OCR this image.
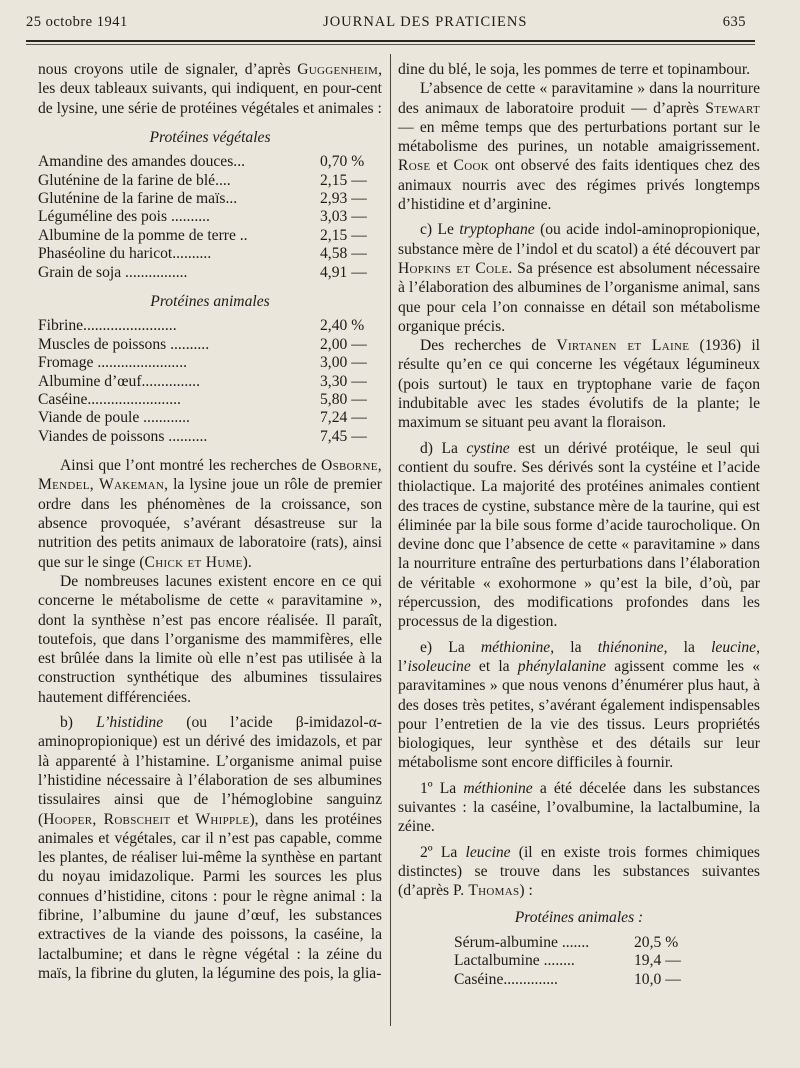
25 octobre 1941	JOURNAL DES PRATICIENS	635

nous croyons utile de signaler, d’après Guggenheim, les deux tableaux suivants, qui indiquent, en pour-cent de lysine, une série de protéines végétales et animales :

Protéines végétales
Amandine des amandes douces...	0,70 %
Gluténine de la farine de blé....	2,15 —
Gluténine de la farine de maïs...	2,93 —
Léguméline des pois ..........	3,03 —
Albumine de la pomme de terre ..	2,15 —
Phaséoline du haricot..........	4,58 —
Grain de soja ................	4,91 —
Protéines animales
Fibrine........................	2,40 %
Muscles de poissons ..........	2,00 —
Fromage .......................	3,00 —
Albumine d’œuf...............	3,30 —
Caséine........................	5,80 —
Viande de poule ............	7,24 —
Viandes de poissons ..........	7,45 —

Ainsi que l’ont montré les recherches de Osborne, Mendel, Wakeman, la lysine joue un rôle de premier ordre dans les phénomènes de la croissance, son absence provoquée, s’avérant désastreuse sur la nutrition des petits animaux de laboratoire (rats), ainsi que sur le singe (Chick et Hume).

De nombreuses lacunes existent encore en ce qui concerne le métabolisme de cette « paravitamine », dont la synthèse n’est pas encore réalisée. Il paraît, toutefois, que dans l’organisme des mammifères, elle est brûlée dans la limite où elle n’est pas utilisée à la construction synthétique des albumines tissulaires hautement différenciées.

b) L’histidine (ou l’acide β-imidazol-α-aminopropionique) est un dérivé des imidazols, et par là apparenté à l’histamine. L’organisme animal puise l’histidine nécessaire à l’élaboration de ses albumines tissulaires ainsi que de l’hémoglobine sanguinz (Hooper, Robscheit et Whipple), dans les protéines animales et végétales, car il n’est pas capable, comme les plantes, de réaliser lui-même la synthèse en partant du noyau imidazolique. Parmi les sources les plus connues d’histidine, citons : pour le règne animal : la fibrine, l’albumine du jaune d’œuf, les substances extractives de la viande des poissons, la caséine, la lactalbumine; et dans le règne végétal : la zéine du maïs, la fibrine du gluten, la légumine des pois, la glia-

dine du blé, le soja, les pommes de terre et topinambour.

L’absence de cette « paravitamine » dans la nourriture des animaux de laboratoire produit — d’après Stewart — en même temps que des perturbations portant sur le métabolisme des purines, un notable amaigrissement. Rose et Cook ont observé des faits identiques chez des animaux nourris avec des régimes privés longtemps d’histidine et d’arginine.

c) Le tryptophane (ou acide indol-aminopropionique, substance mère de l’indol et du scatol) a été découvert par Hopkins et Cole. Sa présence est absolument nécessaire à l’élaboration des albumines de l’organisme animal, sans que pour cela l’on connaisse en détail son métabolisme organique précis.

Des recherches de Virtanen et Laine (1936) il résulte qu’en ce qui concerne les végétaux légumineux (pois surtout) le taux en tryptophane varie de façon indubitable avec les stades évolutifs de la plante; le maximum se situant peu avant la floraison.

d) La cystine est un dérivé protéique, le seul qui contient du soufre. Ses dérivés sont la cystéine et l’acide thiolactique. La majorité des protéines animales contient des traces de cystine, substance mère de la taurine, qui est éliminée par la bile sous forme d’acide taurocholique. On devine donc que l’absence de cette « paravitamine » dans la nourriture entraîne des perturbations dans l’élaboration de véritable « exohormone » qu’est la bile, d’où, par répercussion, des modifications profondes dans les processus de la digestion.

e) La méthionine, la thiénonine, la leucine, l’isoleucine et la phénylalanine agissent comme les « paravitamines » que nous venons d’énumérer plus haut, à des doses très petites, s’avérant également indispensables pour l’entretien de la vie des tissus. Leurs propriétés biologiques, leur synthèse et des détails sur leur métabolisme sont encore difficiles à fournir.

1º La méthionine a été décelée dans les substances suivantes : la caséine, l’ovalbumine, la lactalbumine, la zéine.

2º La leucine (il en existe trois formes chimiques distinctes) se trouve dans les substances suivantes (d’après P. Thomas) :

Protéines animales :
Sérum-albumine .......	20,5 %
Lactalbumine ........	19,4 —
Caséine..............	10,0 —
